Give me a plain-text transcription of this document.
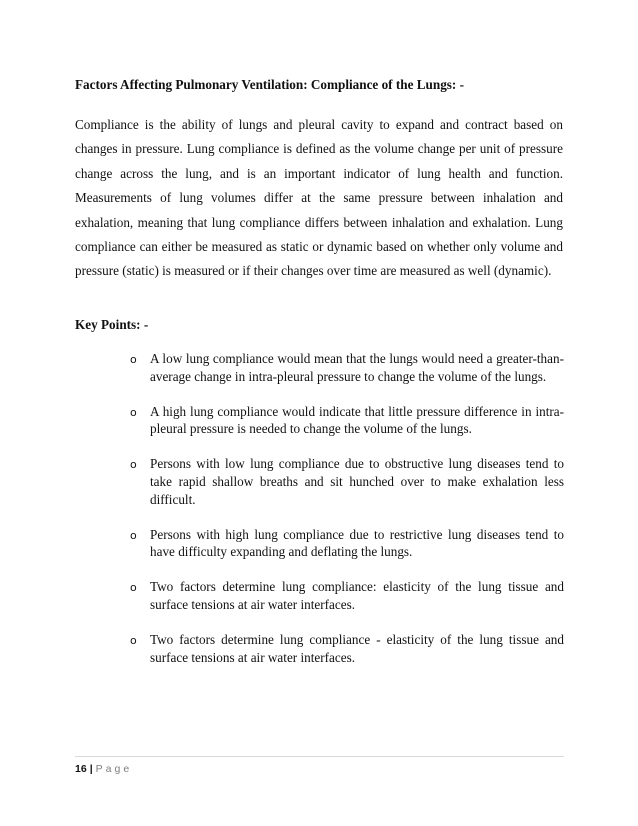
Factors Affecting Pulmonary Ventilation: Compliance of the Lungs: -

Compliance is the ability of lungs and pleural cavity to expand and contract based on changes in pressure. Lung compliance is defined as the volume change per unit of pressure change across the lung, and is an important indicator of lung health and function. Measurements of lung volumes differ at the same pressure between inhalation and exhalation, meaning that lung compliance differs between inhalation and exhalation. Lung compliance can either be measured as static or dynamic based on whether only volume and pressure (static) is measured or if their changes over time are measured as well (dynamic).

Key Points: -
o A low lung compliance would mean that the lungs would need a greater-than-average change in intra-pleural pressure to change the volume of the lungs.
o A high lung compliance would indicate that little pressure difference in intra-pleural pressure is needed to change the volume of the lungs.
o Persons with low lung compliance due to obstructive lung diseases tend to take rapid shallow breaths and sit hunched over to make exhalation less difficult.
o Persons with high lung compliance due to restrictive lung diseases tend to have difficulty expanding and deflating the lungs.
o Two factors determine lung compliance: elasticity of the lung tissue and surface tensions at air water interfaces.
o Two factors determine lung compliance - elasticity of the lung tissue and surface tensions at air water interfaces.
16 | Page
